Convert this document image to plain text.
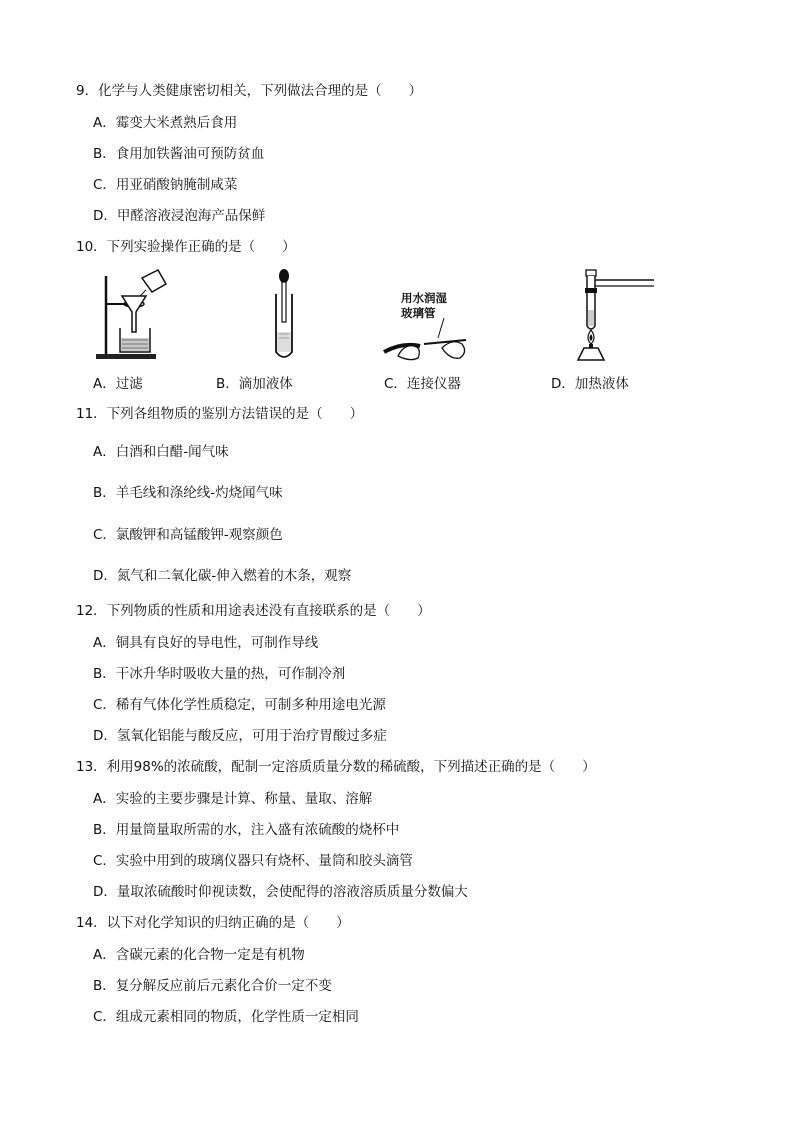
9．化学与人类健康密切相关，下列做法合理的是（　　）
A．霉变大米煮熟后食用
B．食用加铁酱油可预防贫血
C．用亚硝酸钠腌制咸菜
D．甲醛溶液浸泡海产品保鲜
10．下列实验操作正确的是（　　）
用水润湿
玻璃管
A．过滤	B．滴加液体	C．连接仪器	D．加热液体
11．下列各组物质的鉴别方法错误的是（　　）
A．白酒和白醋-闻气味
B．羊毛线和涤纶线-灼烧闻气味
C．氯酸钾和高锰酸钾-观察颜色
D．氮气和二氧化碳-伸入燃着的木条，观察
12．下列物质的性质和用途表述没有直接联系的是（　　）
A．铜具有良好的导电性，可制作导线
B．干冰升华时吸收大量的热，可作制冷剂
C．稀有气体化学性质稳定，可制多种用途电光源
D．氢氧化铝能与酸反应，可用于治疗胃酸过多症
13．利用98%的浓硫酸，配制一定溶质质量分数的稀硫酸，下列描述正确的是（　　）
A．实验的主要步骤是计算、称量、量取、溶解
B．用量筒量取所需的水，注入盛有浓硫酸的烧杯中
C．实验中用到的玻璃仪器只有烧杯、量筒和胶头滴管
D．量取浓硫酸时仰视读数，会使配得的溶液溶质质量分数偏大
14．以下对化学知识的归纳正确的是（　　）
A．含碳元素的化合物一定是有机物
B．复分解反应前后元素化合价一定不变
C．组成元素相同的物质，化学性质一定相同
